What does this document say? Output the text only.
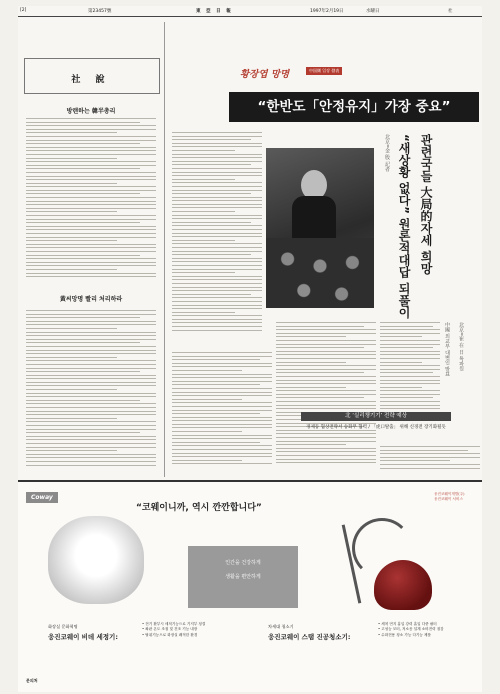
[2]	第23457號	東 亞 日 報	1997年2月19日	水曜日	社
社 說
방랜하는 韓半총리
黃씨망명 빨리 처리하라
황장엽 망명	中国側 입장 發表
“한반도「안정유지」가장 중요”
관련국들 大局的자세 희망
“새상황 없다” 원론적대답 되풀이
北京=金 殷 記者
中國 외교부 대변인 발표 北京=崔 在 日 특파원
北 ‘실리챙기기’ 전략 예상
경제등 협상전략서 승화무 협력 / 「虎口탈출」 위해 신경전 장기화될듯
Coway
“코웨이니까, 역시 깐깐합니다”
웅진코웨이개발(주)
웅진코웨이 서비스
인간을 건강하게
생활을 편안하게
화장실 문화혁명
웅진코웨이 비데 세정기:
• 전기 환부시 세척기능으로 기저부 청결
• 좌판 온도 조절 및 건조 기능 내장
• 탈취기능으로 화장실 쾌적한 환경
차세대 청소기
웅진코웨이 스탬 진공청소기:
• 세척 먼지 흡입 강력 흡입 다중 필터
• 고성능 모터, 저소음 설계 소비전력 절감
• 수화전용 청소 가능 다기능 제품
문의처
